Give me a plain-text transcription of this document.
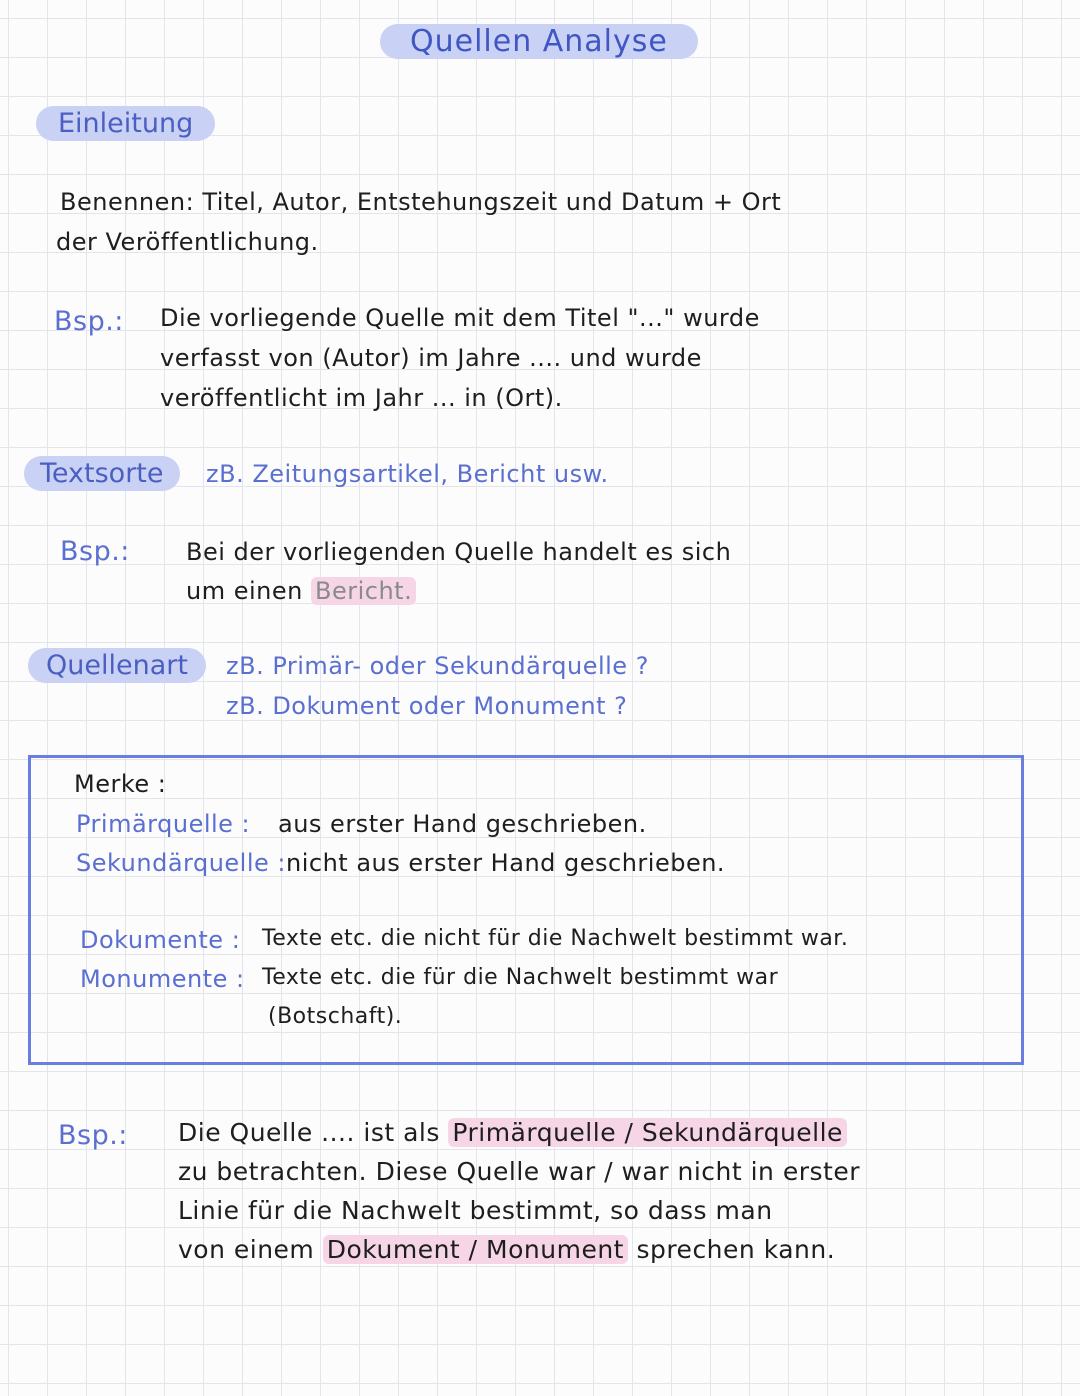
Quellen Analyse
Einleitung
Benennen: Titel, Autor, Entstehungszeit und Datum + Ort
der Veröffentlichung.
Bsp.: Die vorliegende Quelle mit dem Titel "..." wurde
verfasst von (Autor) im Jahre .... und wurde
veröffentlicht im Jahr ... in (Ort).
Textsorte	zB. Zeitungsartikel, Bericht usw.
Bsp.: Bei der vorliegenden Quelle handelt es sich
um einen Bericht.
Quellenart	zB. Primär- oder Sekundärquelle ?
zB. Dokument oder Monument ?
Merke :
Primärquelle : aus erster Hand geschrieben.
Sekundärquelle : nicht aus erster Hand geschrieben.
Dokumente : Texte etc. die nicht für die Nachwelt bestimmt war.
Monumente : Texte etc. die für die Nachwelt bestimmt war
(Botschaft).
Bsp.: Die Quelle .... ist als Primärquelle / Sekundärquelle
zu betrachten. Diese Quelle war / war nicht in erster
Linie für die Nachwelt bestimmt, so dass man
von einem Dokument / Monument sprechen kann.
